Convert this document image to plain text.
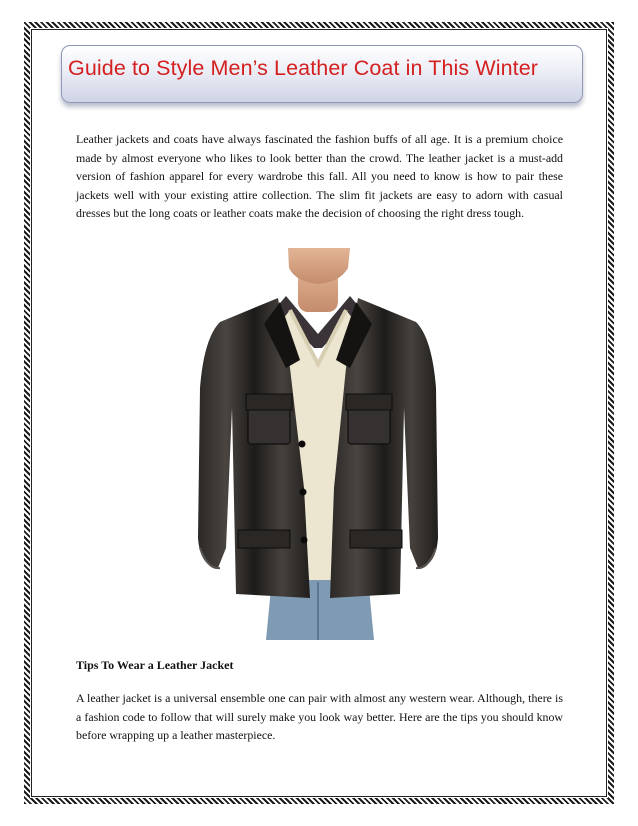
Guide to Style Men’s Leather Coat in This Winter

Leather jackets and coats have always fascinated the fashion buffs of all age. It is a premium choice made by almost everyone who likes to look better than the crowd. The leather jacket is a must-add version of fashion apparel for every wardrobe this fall. All you need to know is how to pair these jackets well with your existing attire collection. The slim fit jackets are easy to adorn with casual dresses but the long coats or leather coats make the decision of choosing the right dress tough.

Tips To Wear a Leather Jacket

A leather jacket is a universal ensemble one can pair with almost any western wear. Although, there is a fashion code to follow that will surely make you look way better. Here are the tips you should know before wrapping up a leather masterpiece.
